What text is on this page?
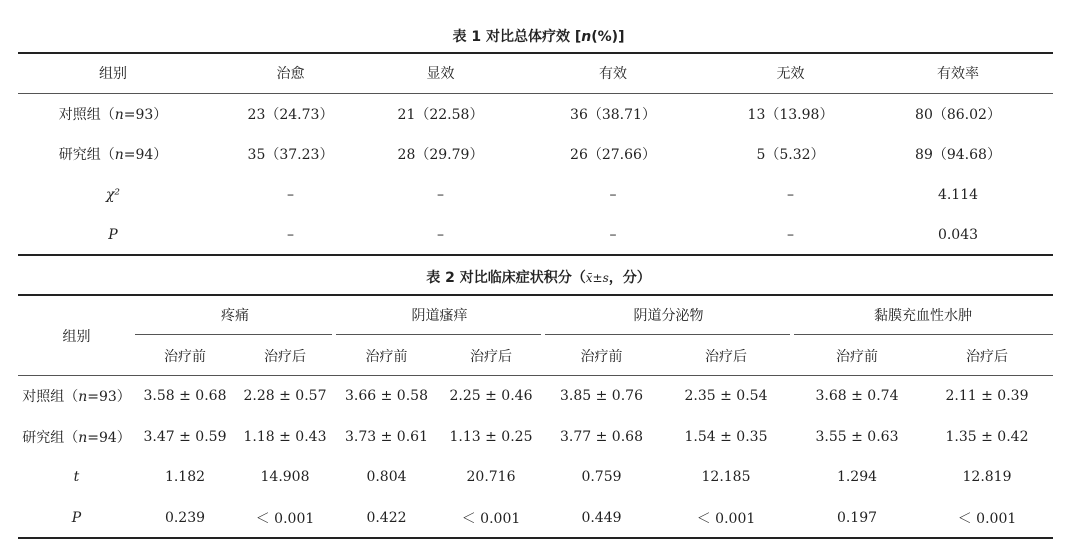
表 1 对比总体疗效 [n(%)]
组别	治愈	显效	有效	无效	有效率
对照组（n=93）	23（24.73）	21（22.58）	36（38.71）	13（13.98）	80（86.02）
研究组（n=94）	35（37.23）	28（29.79）	26（27.66）	5（5.32）	89（94.68）
χ²	–	–	–	–	4.114
P	–	–	–	–	0.043
表 2 对比临床症状积分（x̄±s，分）
组别	疼痛		阴道瘙痒		阴道分泌物		黏膜充血性水肿	
	治疗前	治疗后	治疗前	治疗后	治疗前	治疗后	治疗前	治疗后
对照组（n=93）	3.58 ± 0.68	2.28 ± 0.57	3.66 ± 0.58	2.25 ± 0.46	3.85 ± 0.76	2.35 ± 0.54	3.68 ± 0.74	2.11 ± 0.39
研究组（n=94）	3.47 ± 0.59	1.18 ± 0.43	3.73 ± 0.61	1.13 ± 0.25	3.77 ± 0.68	1.54 ± 0.35	3.55 ± 0.63	1.35 ± 0.42
t	1.182	14.908	0.804	20.716	0.759	12.185	1.294	12.819
P	0.239	＜ 0.001	0.422	＜ 0.001	0.449	＜ 0.001	0.197	＜ 0.001
